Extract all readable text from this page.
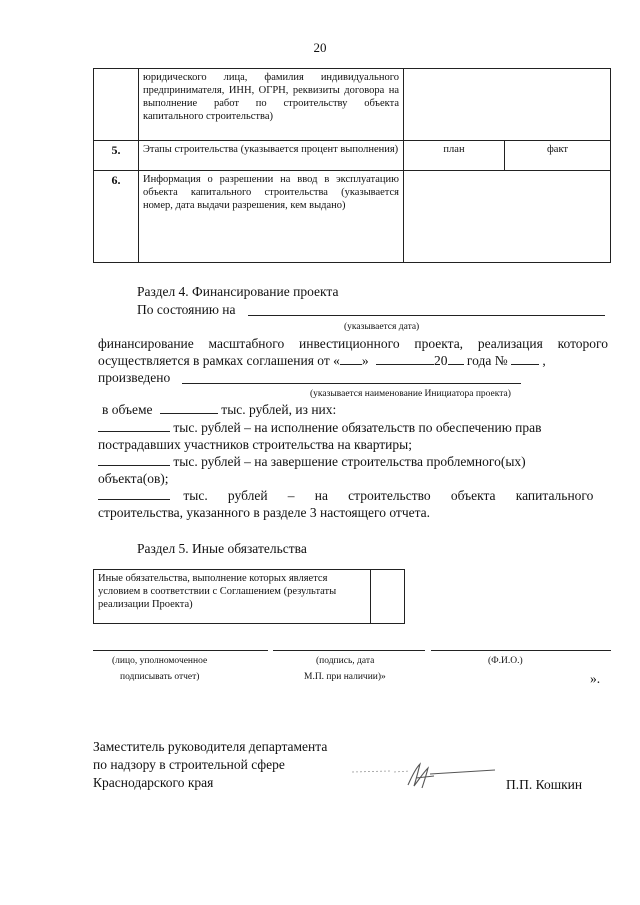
20
	юридического лица, фамилия индивидуального предпринимателя, ИНН, ОГРН, реквизиты договора на выполнение работ по строительству объекта капитального строительства)		
5.	Этапы строительства (указывается процент выполнения)	план	факт
6.	Информация о разрешении на ввод в эксплуатацию объекта капитального строительства (указывается номер, дата выдачи разрешения, кем выдано)		
Раздел 4. Финансирование проекта
По состоянию на
(указывается дата)
финансирование масштабного инвестиционного проекта, реализация которого
осуществляется в рамках соглашения от « »	20 года №  ,
произведено
(указывается наименование Инициатора проекта)
в объеме	тыс. рублей, из них:
тыс. рублей – на исполнение обязательств по обеспечению прав
пострадавших участников строительства на квартиры;
тыс. рублей – на завершение строительства проблемного(ых)
объекта(ов);
тыс. рублей – на строительство объекта капитального
строительства, указанного в разделе 3 настоящего отчета.
Раздел 5. Иные обязательства
Иные обязательства, выполнение которых является условием в соответствии с Соглашением (результаты реализации Проекта)	
(лицо, уполномоченное
подписывать отчет)
(подпись, дата
М.П. при наличии)»
(Ф.И.О.)
».
Заместитель руководителя департамента
по надзору в строительной сфере
Краснодарского края	П.П. Кошкин
